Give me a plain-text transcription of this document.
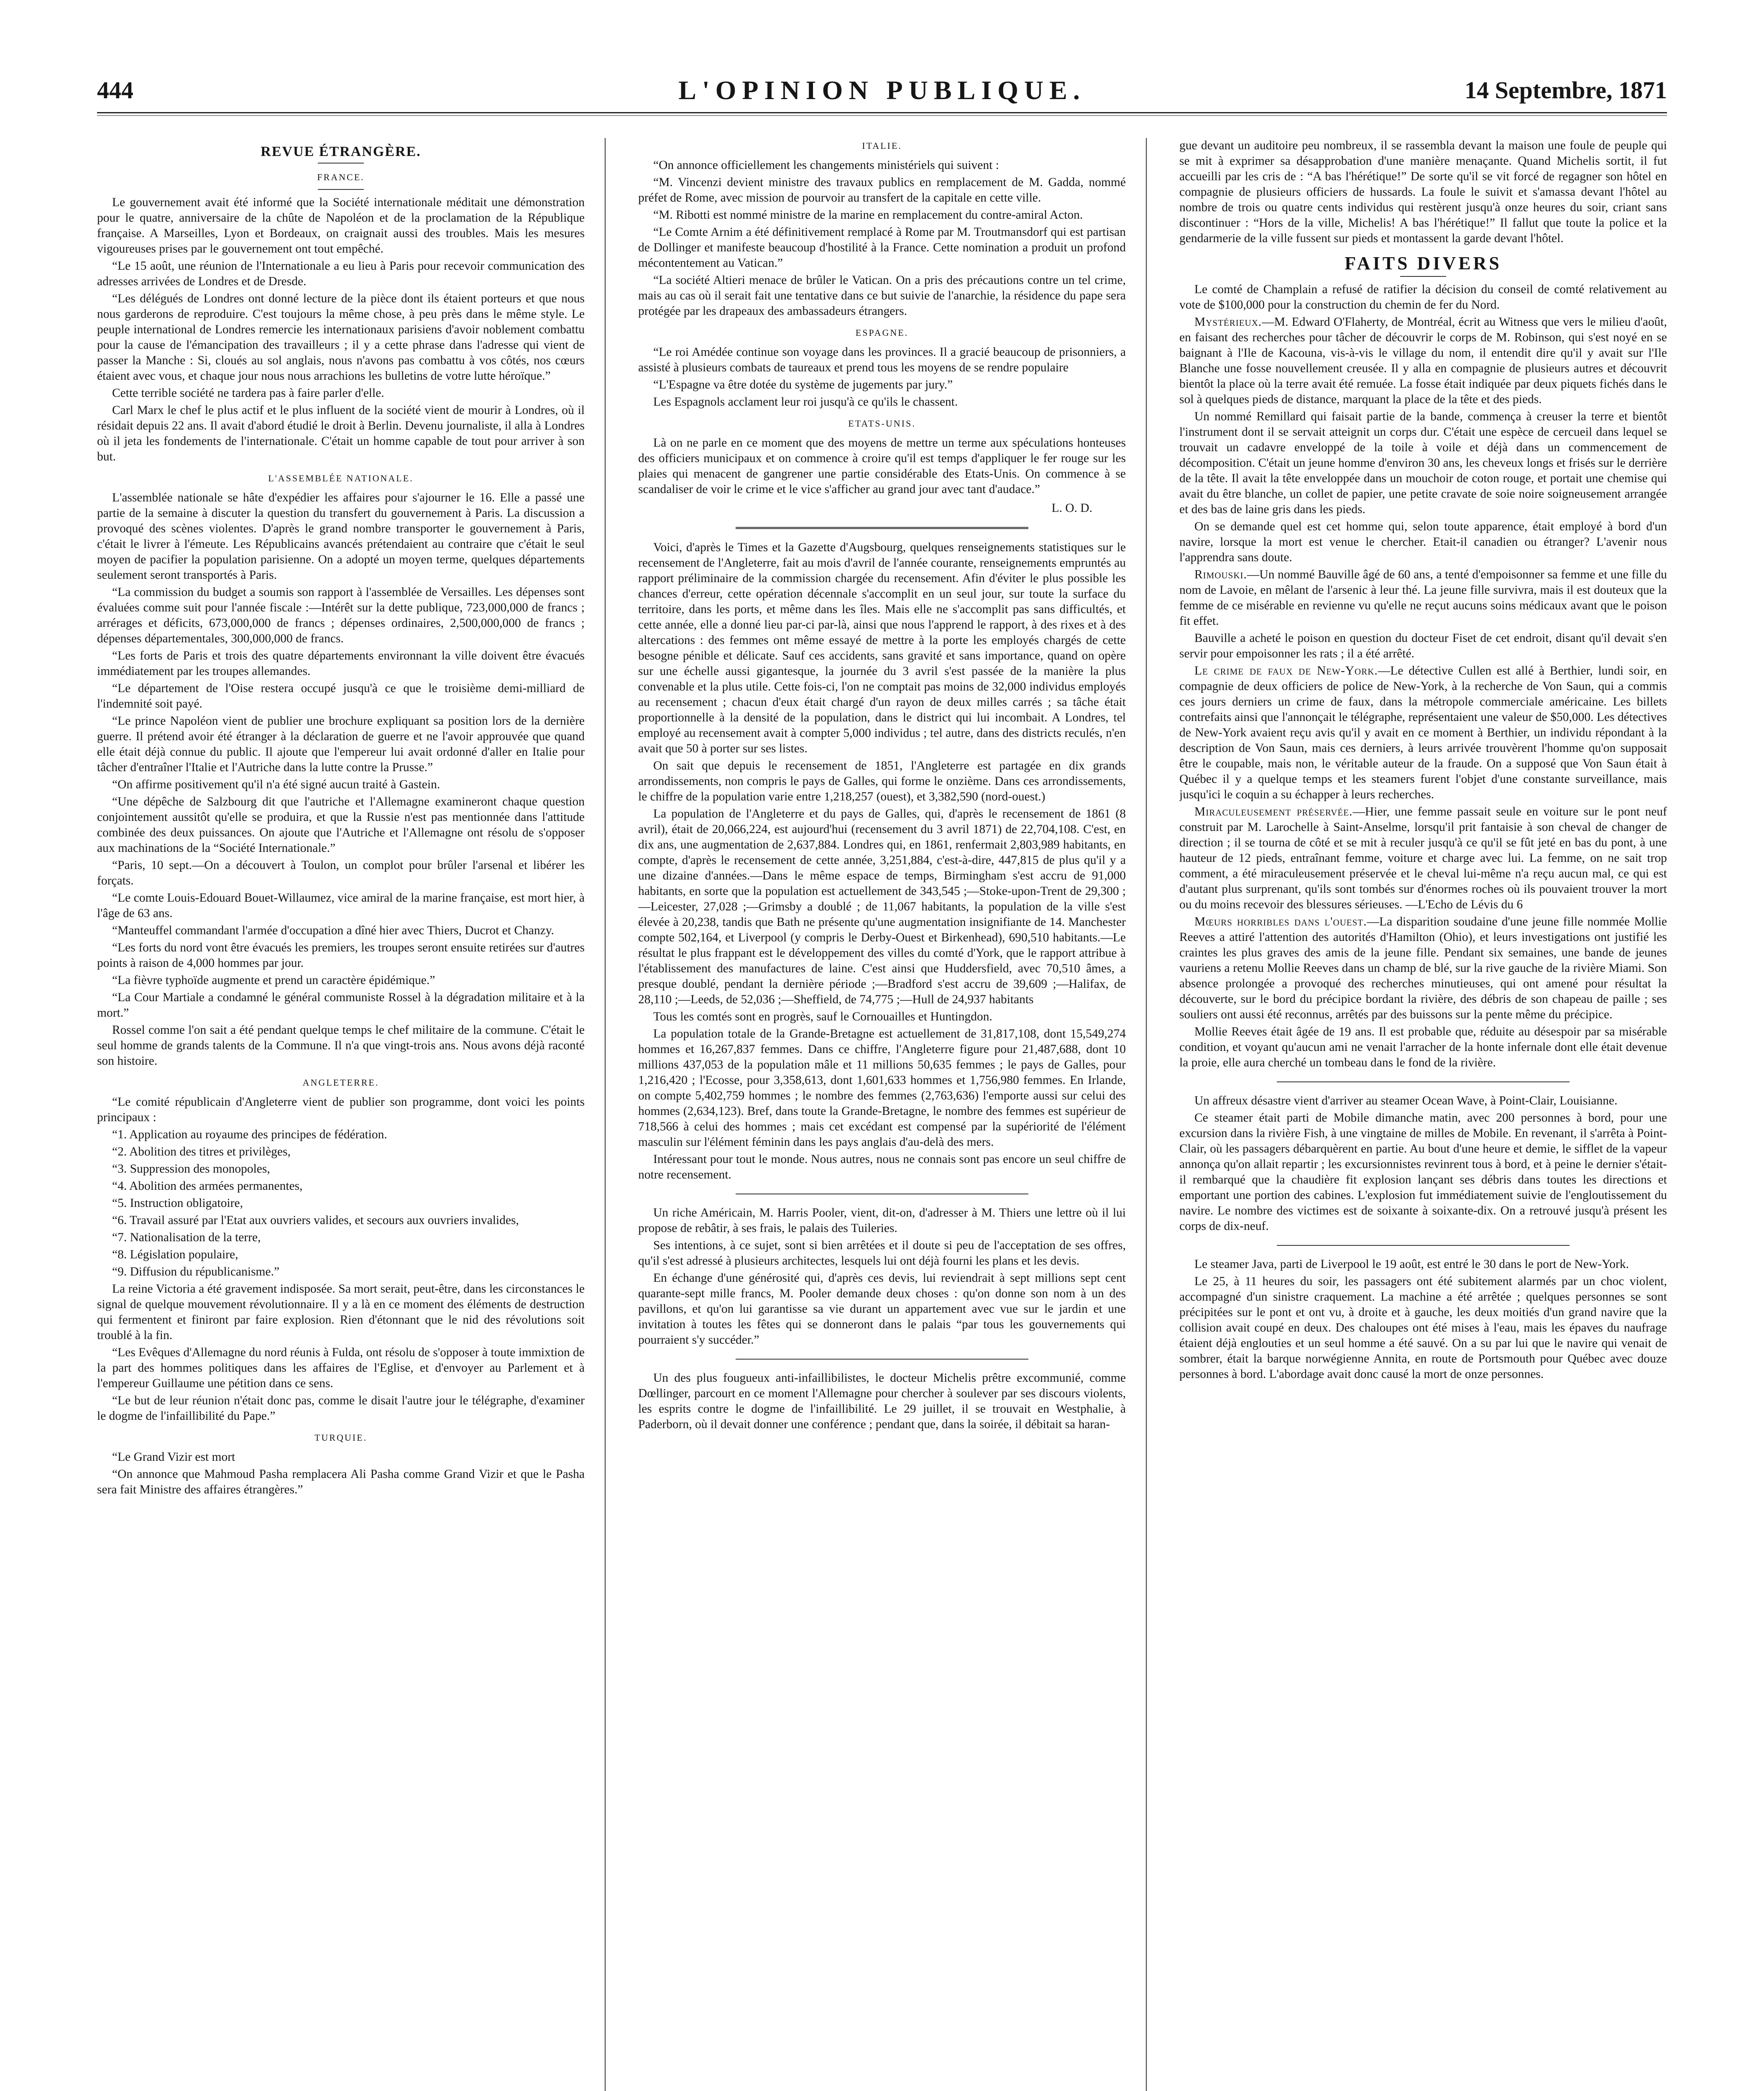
444	L'OPINION PUBLIQUE.	14 Septembre, 1871
REVUE ÉTRANGÈRE.
FRANCE.

Le gouvernement avait été informé que la Société internationale méditait une démonstration pour le quatre, anniversaire de la chûte de Napoléon et de la proclamation de la République française. A Marseilles, Lyon et Bordeaux, on craignait aussi des troubles. Mais les mesures vigoureuses prises par le gouvernement ont tout empêché.

“Le 15 août, une réunion de l'Internationale a eu lieu à Paris pour recevoir communication des adresses arrivées de Londres et de Dresde.

“Les délégués de Londres ont donné lecture de la pièce dont ils étaient porteurs et que nous nous garderons de reproduire. C'est toujours la même chose, à peu près dans le même style. Le peuple international de Londres remercie les internationaux parisiens d'avoir noblement combattu pour la cause de l'émancipation des travailleurs ; il y a cette phrase dans l'adresse qui vient de passer la Manche : Si, cloués au sol anglais, nous n'avons pas combattu à vos côtés, nos cœurs étaient avec vous, et chaque jour nous nous arrachions les bulletins de votre lutte héroïque.”

Cette terrible société ne tardera pas à faire parler d'elle.

Carl Marx le chef le plus actif et le plus influent de la société vient de mourir à Londres, où il résidait depuis 22 ans. Il avait d'abord étudié le droit à Berlin. Devenu journaliste, il alla à Londres où il jeta les fondements de l'internationale. C'était un homme capable de tout pour arriver à son but.

L'ASSEMBLÉE NATIONALE.

L'assemblée nationale se hâte d'expédier les affaires pour s'ajourner le 16. Elle a passé une partie de la semaine à discuter la question du transfert du gouvernement à Paris. La discussion a provoqué des scènes violentes. D'après le grand nombre transporter le gouvernement à Paris, c'était le livrer à l'émeute. Les Républicains avancés prétendaient au contraire que c'était le seul moyen de pacifier la population parisienne. On a adopté un moyen terme, quelques départements seulement seront transportés à Paris.

“La commission du budget a soumis son rapport à l'assemblée de Versailles. Les dépenses sont évaluées comme suit pour l'année fiscale :—Intérêt sur la dette publique, 723,000,000 de francs ; arrérages et déficits, 673,000,000 de francs ; dépenses ordinaires, 2,500,000,000 de francs ; dépenses départementales, 300,000,000 de francs.

“Les forts de Paris et trois des quatre départements environnant la ville doivent être évacués immédiatement par les troupes allemandes.

“Le département de l'Oise restera occupé jusqu'à ce que le troisième demi-milliard de l'indemnité soit payé.

“Le prince Napoléon vient de publier une brochure expliquant sa position lors de la dernière guerre. Il prétend avoir été étranger à la déclaration de guerre et ne l'avoir approuvée que quand elle était déjà connue du public. Il ajoute que l'empereur lui avait ordonné d'aller en Italie pour tâcher d'entraîner l'Italie et l'Autriche dans la lutte contre la Prusse.”

“On affirme positivement qu'il n'a été signé aucun traité à Gastein.

“Une dépêche de Salzbourg dit que l'autriche et l'Allemagne examineront chaque question conjointement aussitôt qu'elle se produira, et que la Russie n'est pas mentionnée dans l'attitude combinée des deux puissances. On ajoute que l'Autriche et l'Allemagne ont résolu de s'opposer aux machinations de la “Société Internationale.”

“Paris, 10 sept.—On a découvert à Toulon, un complot pour brûler l'arsenal et libérer les forçats.

“Le comte Louis-Edouard Bouet-Willaumez, vice amiral de la marine française, est mort hier, à l'âge de 63 ans.

“Manteuffel commandant l'armée d'occupation a dîné hier avec Thiers, Ducrot et Chanzy.

“Les forts du nord vont être évacués les premiers, les troupes seront ensuite retirées sur d'autres points à raison de 4,000 hommes par jour.

“La fièvre typhoïde augmente et prend un caractère épidémique.”

“La Cour Martiale a condamné le général communiste Rossel à la dégradation militaire et à la mort.”

Rossel comme l'on sait a été pendant quelque temps le chef militaire de la commune. C'était le seul homme de grands talents de la Commune. Il n'a que vingt-trois ans. Nous avons déjà raconté son histoire.

ANGLETERRE.

“Le comité républicain d'Angleterre vient de publier son programme, dont voici les points principaux :

“1. Application au royaume des principes de fédération.

“2. Abolition des titres et privilèges,

“3. Suppression des monopoles,

“4. Abolition des armées permanentes,

“5. Instruction obligatoire,

“6. Travail assuré par l'Etat aux ouvriers valides, et secours aux ouvriers invalides,

“7. Nationalisation de la terre,

“8. Législation populaire,

“9. Diffusion du républicanisme.”

La reine Victoria a été gravement indisposée. Sa mort serait, peut-être, dans les circonstances le signal de quelque mouvement révolutionnaire. Il y a là en ce moment des éléments de destruction qui fermentent et finiront par faire explosion. Rien d'étonnant que le nid des révolutions soit troublé à la fin.

“Les Evêques d'Allemagne du nord réunis à Fulda, ont résolu de s'opposer à toute immixtion de la part des hommes politiques dans les affaires de l'Eglise, et d'envoyer au Parlement et à l'empereur Guillaume une pétition dans ce sens.

“Le but de leur réunion n'était donc pas, comme le disait l'autre jour le télégraphe, d'examiner le dogme de l'infaillibilité du Pape.”

TURQUIE.

“Le Grand Vizir est mort

“On annonce que Mahmoud Pasha remplacera Ali Pasha comme Grand Vizir et que le Pasha sera fait Ministre des affaires étrangères.”

ITALIE.

“On annonce officiellement les changements ministériels qui suivent :

“M. Vincenzi devient ministre des travaux publics en remplacement de M. Gadda, nommé préfet de Rome, avec mission de pourvoir au transfert de la capitale en cette ville.

“M. Ribotti est nommé ministre de la marine en remplacement du contre-amiral Acton.

“Le Comte Arnim a été définitivement remplacé à Rome par M. Troutmansdorf qui est partisan de Dollinger et manifeste beaucoup d'hostilité à la France. Cette nomination a produit un profond mécontentement au Vatican.”

“La société Altieri menace de brûler le Vatican. On a pris des précautions contre un tel crime, mais au cas où il serait fait une tentative dans ce but suivie de l'anarchie, la résidence du pape sera protégée par les drapeaux des ambassadeurs étrangers.

ESPAGNE.

“Le roi Amédée continue son voyage dans les provinces. Il a gracié beaucoup de prisonniers, a assisté à plusieurs combats de taureaux et prend tous les moyens de se rendre populaire

“L'Espagne va être dotée du système de jugements par jury.”

Les Espagnols acclament leur roi jusqu'à ce qu'ils le chassent.

ETATS-UNIS.

Là on ne parle en ce moment que des moyens de mettre un terme aux spéculations honteuses des officiers municipaux et on commence à croire qu'il est temps d'appliquer le fer rouge sur les plaies qui menacent de gangrener une partie considérable des Etats-Unis. On commence à se scandaliser de voir le crime et le vice s'afficher au grand jour avec tant d'audace.”

L. O. D.

Voici, d'après le Times et la Gazette d'Augsbourg, quelques renseignements statistiques sur le recensement de l'Angleterre, fait au mois d'avril de l'année courante, renseignements empruntés au rapport préliminaire de la commission chargée du recensement. Afin d'éviter le plus possible les chances d'erreur, cette opération décennale s'accomplit en un seul jour, sur toute la surface du territoire, dans les ports, et même dans les îles. Mais elle ne s'accomplit pas sans difficultés, et cette année, elle a donné lieu par-ci par-là, ainsi que nous l'apprend le rapport, à des rixes et à des altercations : des femmes ont même essayé de mettre à la porte les employés chargés de cette besogne pénible et délicate. Sauf ces accidents, sans gravité et sans importance, quand on opère sur une échelle aussi gigantesque, la journée du 3 avril s'est passée de la manière la plus convenable et la plus utile. Cette fois-ci, l'on ne comptait pas moins de 32,000 individus employés au recensement ; chacun d'eux était chargé d'un rayon de deux milles carrés ; sa tâche était proportionnelle à la densité de la population, dans le district qui lui incombait. A Londres, tel employé au recensement avait à compter 5,000 individus ; tel autre, dans des districts reculés, n'en avait que 50 à porter sur ses listes.

On sait que depuis le recensement de 1851, l'Angleterre est partagée en dix grands arrondissements, non compris le pays de Galles, qui forme le onzième. Dans ces arrondissements, le chiffre de la population varie entre 1,218,257 (ouest), et 3,382,590 (nord-ouest.)

La population de l'Angleterre et du pays de Galles, qui, d'après le recensement de 1861 (8 avril), était de 20,066,224, est aujourd'hui (recensement du 3 avril 1871) de 22,704,108. C'est, en dix ans, une augmentation de 2,637,884. Londres qui, en 1861, renfermait 2,803,989 habitants, en compte, d'après le recensement de cette année, 3,251,884, c'est-à-dire, 447,815 de plus qu'il y a une dizaine d'années.—Dans le même espace de temps, Birmingham s'est accru de 91,000 habitants, en sorte que la population est actuellement de 343,545 ;—Stoke-upon-Trent de 29,300 ;—Leicester, 27,028 ;—Grimsby a doublé ; de 11,067 habitants, la population de la ville s'est élevée à 20,238, tandis que Bath ne présente qu'une augmentation insignifiante de 14. Manchester compte 502,164, et Liverpool (y compris le Derby-Ouest et Birkenhead), 690,510 habitants.—Le résultat le plus frappant est le développement des villes du comté d'York, que le rapport attribue à l'établissement des manufactures de laine. C'est ainsi que Huddersfield, avec 70,510 âmes, a presque doublé, pendant la dernière période ;—Bradford s'est accru de 39,609 ;—Halifax, de 28,110 ;—Leeds, de 52,036 ;—Sheffield, de 74,775 ;—Hull de 24,937 habitants

Tous les comtés sont en progrès, sauf le Cornouailles et Huntingdon.

La population totale de la Grande-Bretagne est actuellement de 31,817,108, dont 15,549,274 hommes et 16,267,837 femmes. Dans ce chiffre, l'Angleterre figure pour 21,487,688, dont 10 millions 437,053 de la population mâle et 11 millions 50,635 femmes ; le pays de Galles, pour 1,216,420 ; l'Ecosse, pour 3,358,613, dont 1,601,633 hommes et 1,756,980 femmes. En Irlande, on compte 5,402,759 hommes ; le nombre des femmes (2,763,636) l'emporte aussi sur celui des hommes (2,634,123). Bref, dans toute la Grande-Bretagne, le nombre des femmes est supérieur de 718,566 à celui des hommes ; mais cet excédant est compensé par la supériorité de l'élément masculin sur l'élément féminin dans les pays anglais d'au-delà des mers.

Intéressant pour tout le monde. Nous autres, nous ne connais sont pas encore un seul chiffre de notre recensement.

Un riche Américain, M. Harris Pooler, vient, dit-on, d'adresser à M. Thiers une lettre où il lui propose de rebâtir, à ses frais, le palais des Tuileries.

Ses intentions, à ce sujet, sont si bien arrêtées et il doute si peu de l'acceptation de ses offres, qu'il s'est adressé à plusieurs architectes, lesquels lui ont déjà fourni les plans et les devis.

En échange d'une générosité qui, d'après ces devis, lui reviendrait à sept millions sept cent quarante-sept mille francs, M. Pooler demande deux choses : qu'on donne son nom à un des pavillons, et qu'on lui garantisse sa vie durant un appartement avec vue sur le jardin et une invitation à toutes les fêtes qui se donneront dans le palais “par tous les gouvernements qui pourraient s'y succéder.”

Un des plus fougueux anti-infaillibilistes, le docteur Michelis prêtre excommunié, comme Dœllinger, parcourt en ce moment l'Allemagne pour chercher à soulever par ses discours violents, les esprits contre le dogme de l'infaillibilité. Le 29 juillet, il se trouvait en Westphalie, à Paderborn, où il devait donner une conférence ; pendant que, dans la soirée, il débitait sa haran-

gue devant un auditoire peu nombreux, il se rassembla devant la maison une foule de peuple qui se mit à exprimer sa désapprobation d'une manière menaçante. Quand Michelis sortit, il fut accueilli par les cris de : “A bas l'hérétique!” De sorte qu'il se vit forcé de regagner son hôtel en compagnie de plusieurs officiers de hussards. La foule le suivit et s'amassa devant l'hôtel au nombre de trois ou quatre cents individus qui restèrent jusqu'à onze heures du soir, criant sans discontinuer : “Hors de la ville, Michelis! A bas l'hérétique!” Il fallut que toute la police et la gendarmerie de la ville fussent sur pieds et montassent la garde devant l'hôtel.

FAITS DIVERS

Le comté de Champlain a refusé de ratifier la décision du conseil de comté relativement au vote de $100,000 pour la construction du chemin de fer du Nord.

Mystérieux.—M. Edward O'Flaherty, de Montréal, écrit au Witness que vers le milieu d'août, en faisant des recherches pour tâcher de découvrir le corps de M. Robinson, qui s'est noyé en se baignant à l'Ile de Kacouna, vis-à-vis le village du nom, il entendit dire qu'il y avait sur l'Ile Blanche une fosse nouvellement creusée. Il y alla en compagnie de plusieurs autres et découvrit bientôt la place où la terre avait été remuée. La fosse était indiquée par deux piquets fichés dans le sol à quelques pieds de distance, marquant la place de la tête et des pieds.

Un nommé Remillard qui faisait partie de la bande, commença à creuser la terre et bientôt l'instrument dont il se servait atteignit un corps dur. C'était une espèce de cercueil dans lequel se trouvait un cadavre enveloppé de la toile à voile et déjà dans un commencement de décomposition. C'était un jeune homme d'environ 30 ans, les cheveux longs et frisés sur le derrière de la tête. Il avait la tête enveloppée dans un mouchoir de coton rouge, et portait une chemise qui avait du être blanche, un collet de papier, une petite cravate de soie noire soigneusement arrangée et des bas de laine gris dans les pieds.

On se demande quel est cet homme qui, selon toute apparence, était employé à bord d'un navire, lorsque la mort est venue le chercher. Etait-il canadien ou étranger? L'avenir nous l'apprendra sans doute.

Rimouski.—Un nommé Bauville âgé de 60 ans, a tenté d'empoisonner sa femme et une fille du nom de Lavoie, en mêlant de l'arsenic à leur thé. La jeune fille survivra, mais il est douteux que la femme de ce misérable en revienne vu qu'elle ne reçut aucuns soins médicaux avant que le poison fit effet.

Bauville a acheté le poison en question du docteur Fiset de cet endroit, disant qu'il devait s'en servir pour empoisonner les rats ; il a été arrêté.

Le crime de faux de New-York.—Le détective Cullen est allé à Berthier, lundi soir, en compagnie de deux officiers de police de New-York, à la recherche de Von Saun, qui a commis ces jours derniers un crime de faux, dans la métropole commerciale américaine. Les billets contrefaits ainsi que l'annonçait le télégraphe, représentaient une valeur de $50,000. Les détectives de New-York avaient reçu avis qu'il y avait en ce moment à Berthier, un individu répondant à la description de Von Saun, mais ces derniers, à leurs arrivée trouvèrent l'homme qu'on supposait être le coupable, mais non, le véritable auteur de la fraude. On a supposé que Von Saun était à Québec il y a quelque temps et les steamers furent l'objet d'une constante surveillance, mais jusqu'ici le coquin a su échapper à leurs recherches.

Miraculeusement préservée.—Hier, une femme passait seule en voiture sur le pont neuf construit par M. Larochelle à Saint-Anselme, lorsqu'il prit fantaisie à son cheval de changer de direction ; il se tourna de côté et se mit à reculer jusqu'à ce qu'il se fût jeté en bas du pont, à une hauteur de 12 pieds, entraînant femme, voiture et charge avec lui. La femme, on ne sait trop comment, a été miraculeusement préservée et le cheval lui-même n'a reçu aucun mal, ce qui est d'autant plus surprenant, qu'ils sont tombés sur d'énormes roches où ils pouvaient trouver la mort ou du moins recevoir des blessures sérieuses. —L'Echo de Lévis du 6

Mœurs horribles dans l'ouest.—La disparition soudaine d'une jeune fille nommée Mollie Reeves a attiré l'attention des autorités d'Hamilton (Ohio), et leurs investigations ont justifié les craintes les plus graves des amis de la jeune fille. Pendant six semaines, une bande de jeunes vauriens a retenu Mollie Reeves dans un champ de blé, sur la rive gauche de la rivière Miami. Son absence prolongée a provoqué des recherches minutieuses, qui ont amené pour résultat la découverte, sur le bord du précipice bordant la rivière, des débris de son chapeau de paille ; ses souliers ont aussi été reconnus, arrêtés par des buissons sur la pente même du précipice.

Mollie Reeves était âgée de 19 ans. Il est probable que, réduite au désespoir par sa misérable condition, et voyant qu'aucun ami ne venait l'arracher de la honte infernale dont elle était devenue la proie, elle aura cherché un tombeau dans le fond de la rivière.

Un affreux désastre vient d'arriver au steamer Ocean Wave, à Point-Clair, Louisianne.

Ce steamer était parti de Mobile dimanche matin, avec 200 personnes à bord, pour une excursion dans la rivière Fish, à une vingtaine de milles de Mobile. En revenant, il s'arrêta à Point-Clair, où les passagers débarquèrent en partie. Au bout d'une heure et demie, le sifflet de la vapeur annonça qu'on allait repartir ; les excursionnistes revinrent tous à bord, et à peine le dernier s'était-il rembarqué que la chaudière fit explosion lançant ses débris dans toutes les directions et emportant une portion des cabines. L'explosion fut immédiatement suivie de l'engloutissement du navire. Le nombre des victimes est de soixante à soixante-dix. On a retrouvé jusqu'à présent les corps de dix-neuf.

Le steamer Java, parti de Liverpool le 19 août, est entré le 30 dans le port de New-York.

Le 25, à 11 heures du soir, les passagers ont été subitement alarmés par un choc violent, accompagné d'un sinistre craquement. La machine a été arrêtée ; quelques personnes se sont précipitées sur le pont et ont vu, à droite et à gauche, les deux moitiés d'un grand navire que la collision avait coupé en deux. Des chaloupes ont été mises à l'eau, mais les épaves du naufrage étaient déjà englouties et un seul homme a été sauvé. On a su par lui que le navire qui venait de sombrer, était la barque norwégienne Annita, en route de Portsmouth pour Québec avec douze personnes à bord. L'abordage avait donc causé la mort de onze personnes.
